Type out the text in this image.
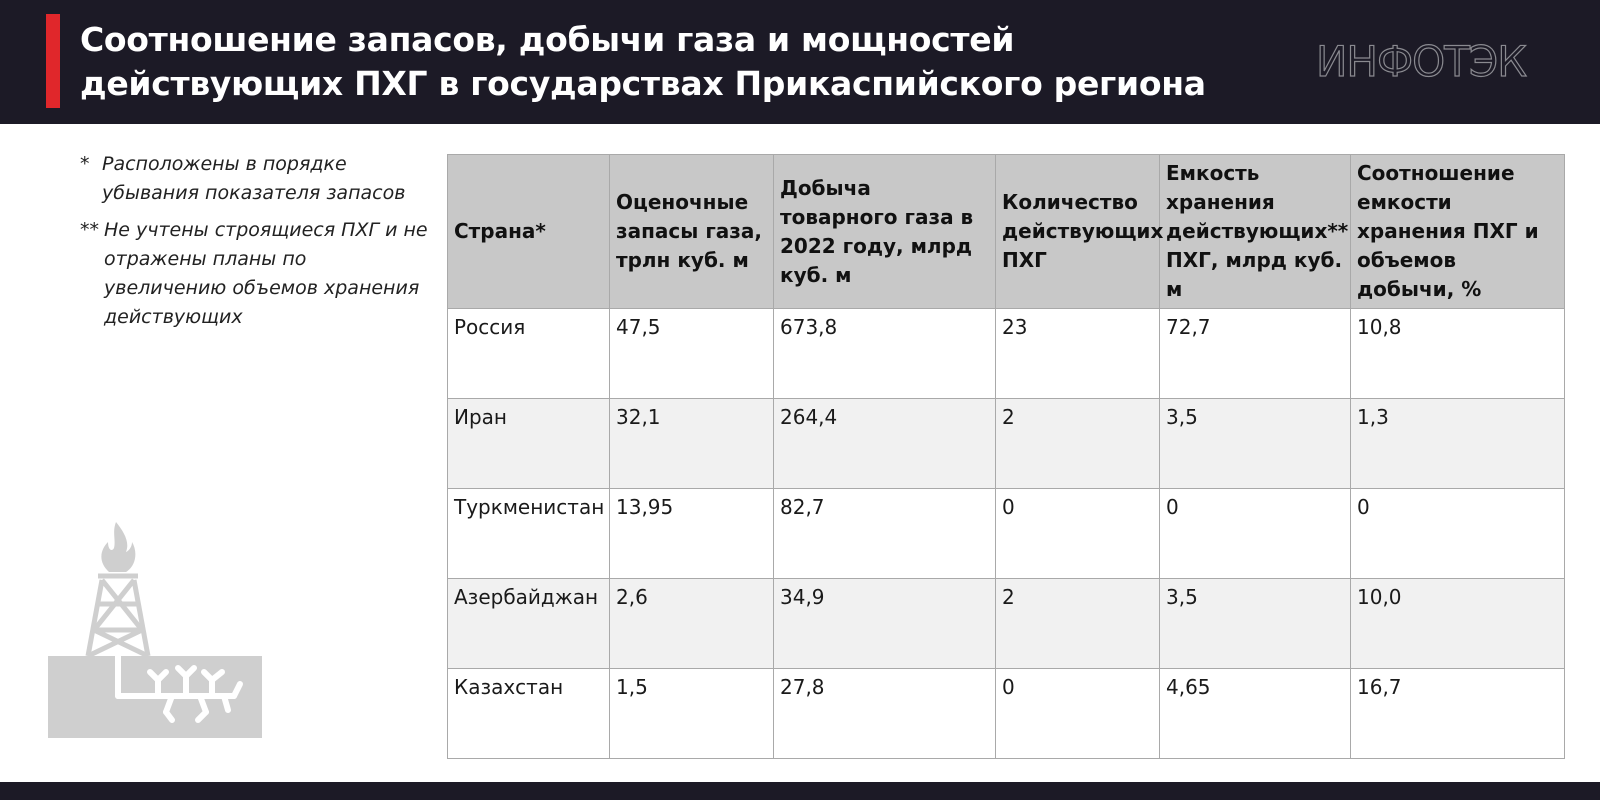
Соотношение запасов, добычи газа и мощностей
действующих ПХГ в государствах Прикаспийского региона	ИНФОТЭК
* Расположены в порядке убывания показателя запасов
** Не учтены строящиеся ПХГ и не отражены планы по увеличению объемов хранения действующих
Страна*	Оценочные запасы газа, трлн куб. м	Добыча товарного газа в 2022 году, млрд куб. м	Количество действующих ПХГ	Емкость хранения действующих** ПХГ, млрд куб. м	Соотношение емкости хранения ПХГ и объемов добычи, %
Россия	47,5	673,8	23	72,7	10,8
Иран	32,1	264,4	2	3,5	1,3
Туркменистан	13,95	82,7	0	0	0
Азербайджан	2,6	34,9	2	3,5	10,0
Казахстан	1,5	27,8	0	4,65	16,7
